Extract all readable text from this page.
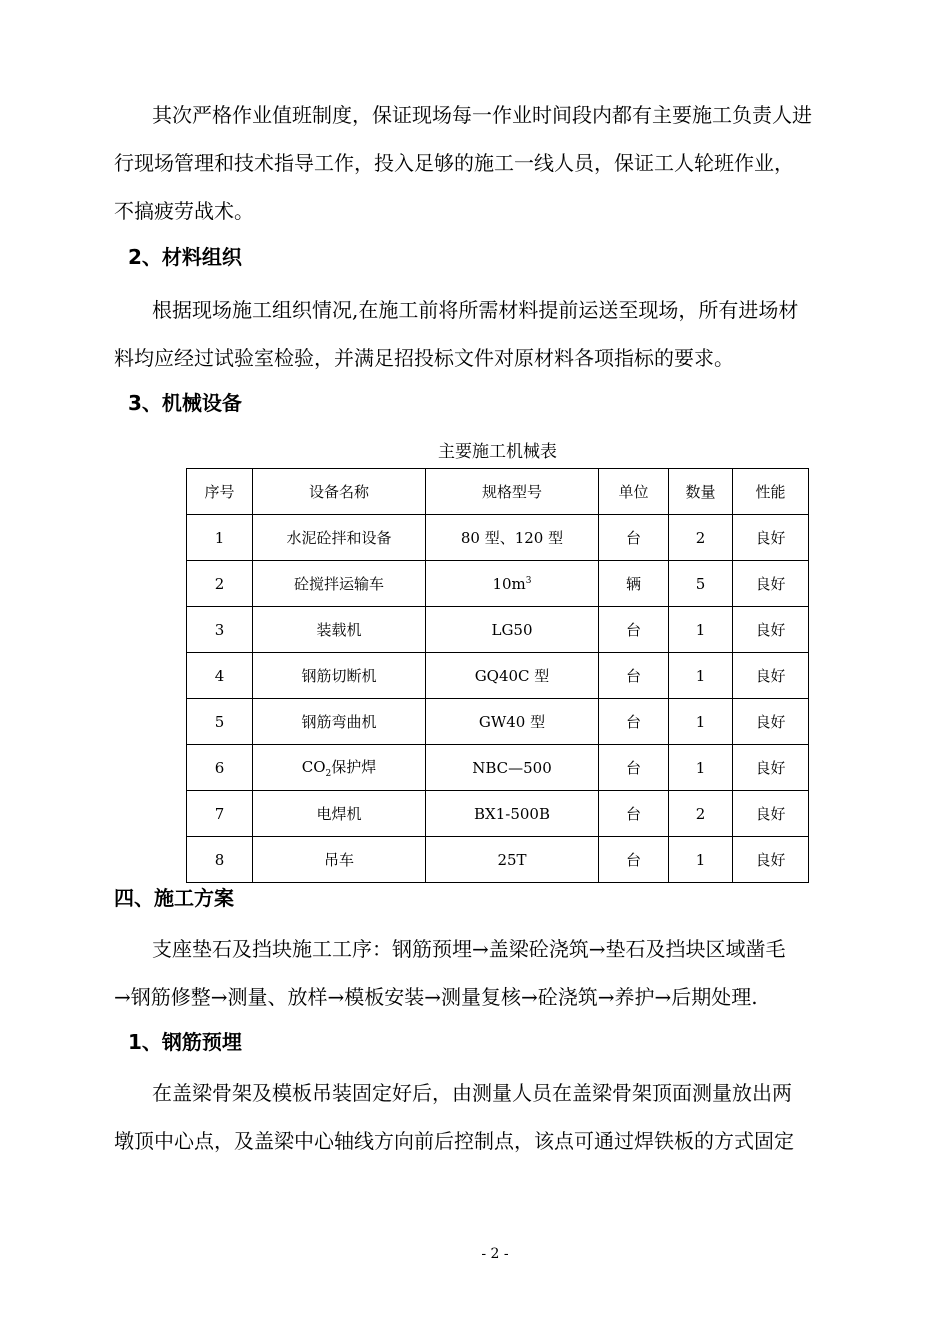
其次严格作业值班制度，保证现场每一作业时间段内都有主要施工负责人进
行现场管理和技术指导工作，投入足够的施工一线人员，保证工人轮班作业，
不搞疲劳战术。
2、材料组织
根据现场施工组织情况,在施工前将所需材料提前运送至现场，所有进场材
料均应经过试验室检验，并满足招投标文件对原材料各项指标的要求。
3、机械设备
主要施工机械表
序号	设备名称	规格型号	单位	数量	性能
1	水泥砼拌和设备	80 型、120 型	台	2	良好
2	砼搅拌运输车	$10m^3$	辆	5	良好
3	装载机	LG50	台	1	良好
4	钢筋切断机	GQ40C 型	台	1	良好
5	钢筋弯曲机	GW40 型	台	1	良好
6	$CO_2$保护焊	NBC—500	台	1	良好
7	电焊机	BX1-500B	台	2	良好
8	吊车	25T	台	1	良好
四、施工方案
支座垫石及挡块施工工序：钢筋预埋→盖梁砼浇筑→垫石及挡块区域凿毛
→钢筋修整→测量、放样→模板安装→测量复核→砼浇筑→养护→后期处理.
1、钢筋预埋
在盖梁骨架及模板吊装固定好后，由测量人员在盖梁骨架顶面测量放出两
墩顶中心点，及盖梁中心轴线方向前后控制点，该点可通过焊铁板的方式固定
- 2 -
